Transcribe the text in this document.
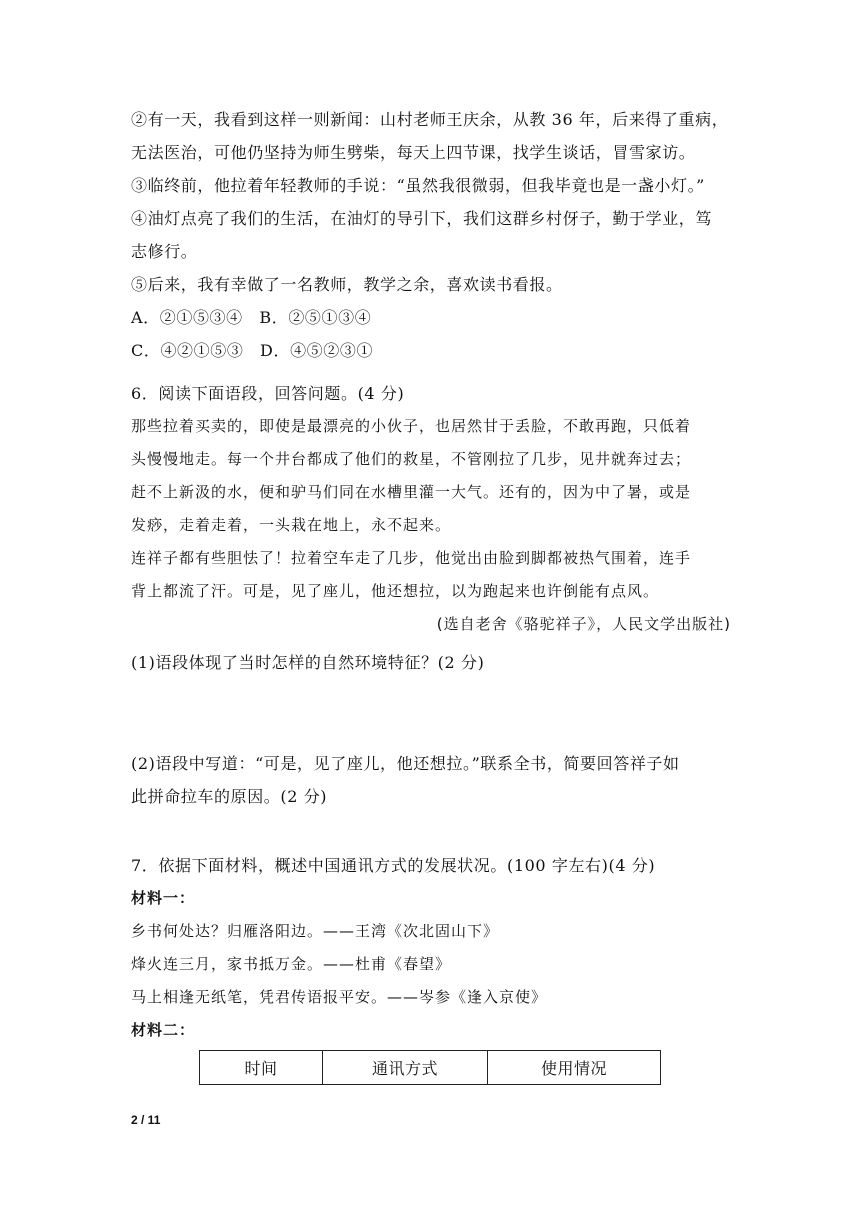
②有一天，我看到这样一则新闻：山村老师王庆余，从教 36 年，后来得了重病，
无法医治，可他仍坚持为师生劈柴，每天上四节课，找学生谈话，冒雪家访。
③临终前，他拉着年轻教师的手说：“虽然我很微弱，但我毕竟也是一盏小灯。”
④油灯点亮了我们的生活，在油灯的导引下，我们这群乡村伢子，勤于学业，笃
志修行。
⑤后来，我有幸做了一名教师，教学之余，喜欢读书看报。
A．②①⑤③④　B．②⑤①③④
C．④②①⑤③　D．④⑤②③①
6．阅读下面语段，回答问题。(4 分)
那些拉着买卖的，即使是最漂亮的小伙子，也居然甘于丢脸，不敢再跑，只低着
头慢慢地走。每一个井台都成了他们的救星，不管刚拉了几步，见井就奔过去；
赶不上新汲的水，便和驴马们同在水槽里灌一大气。还有的，因为中了暑，或是
发痧，走着走着，一头栽在地上，永不起来。
连祥子都有些胆怯了！拉着空车走了几步，他觉出由脸到脚都被热气围着，连手
背上都流了汗。可是，见了座儿，他还想拉，以为跑起来也许倒能有点风。
(选自老舍《骆驼祥子》，人民文学出版社)
(1)语段体现了当时怎样的自然环境特征？(2 分)
(2)语段中写道：“可是，见了座儿，他还想拉。”联系全书，简要回答祥子如
此拼命拉车的原因。(2 分)
7．依据下面材料，概述中国通讯方式的发展状况。(100 字左右)(4 分)
材料一：
乡书何处达？归雁洛阳边。——王湾《次北固山下》
烽火连三月，家书抵万金。——杜甫《春望》
马上相逢无纸笔，凭君传语报平安。——岑参《逢入京使》
材料二：
时间	通讯方式	使用情况
2 / 11
